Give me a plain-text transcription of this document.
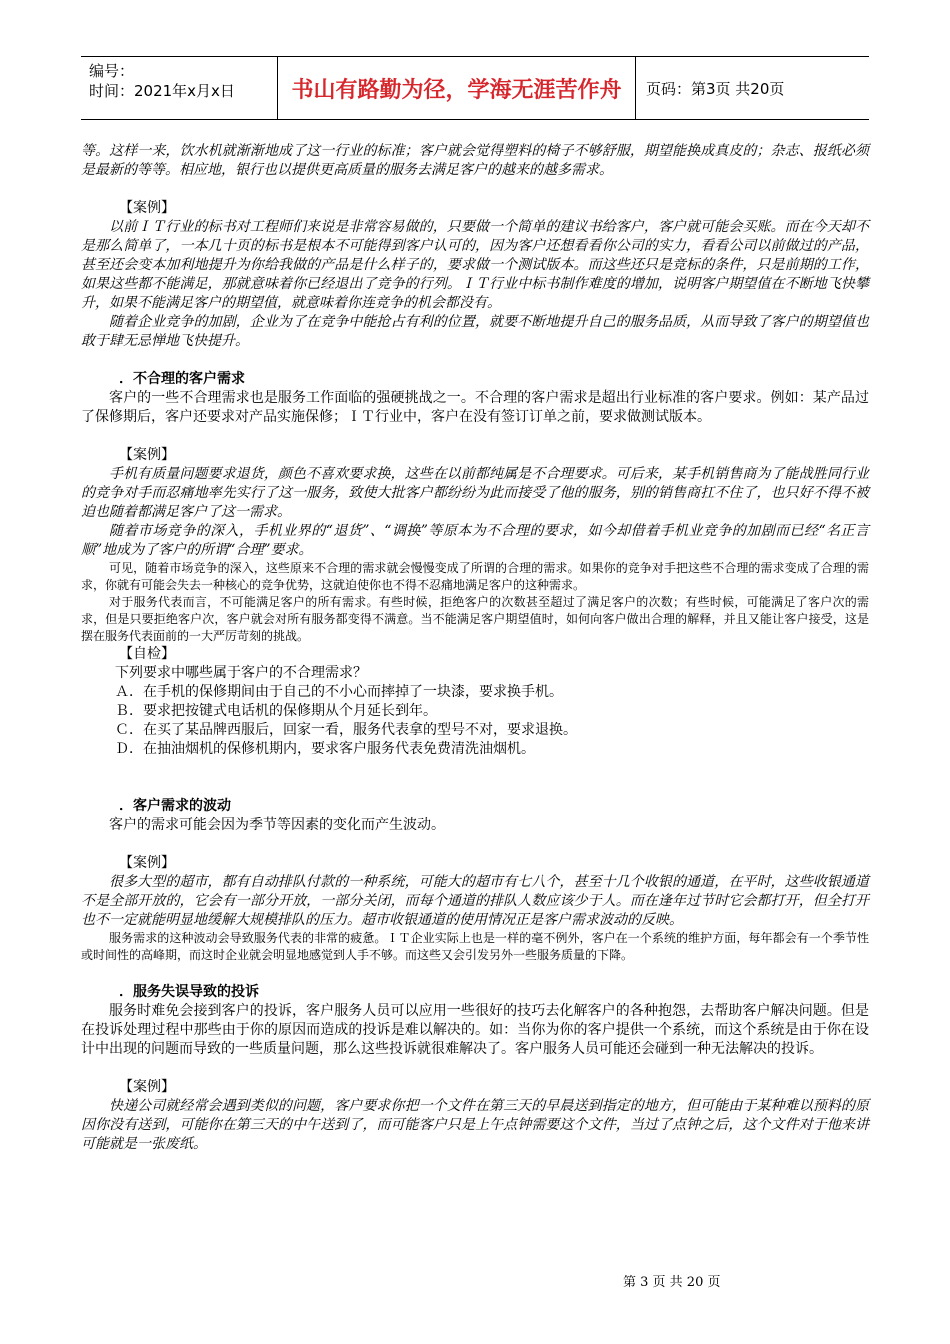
编号：
时间：2021年x月x日	书山有路勤为径，学海无涯苦作舟	页码：第3页 共20页

等。这样一来，饮水机就渐渐地成了这一行业的标准；客户就会觉得塑料的椅子不够舒服，期望能换成真皮的；杂志、报纸必须是最新的等等。相应地，银行也以提供更高质量的服务去满足客户的越来的越多需求。

【案例】

以前ＩＴ行业的标书对工程师们来说是非常容易做的，只要做一个简单的建议书给客户，客户就可能会买账。而在今天却不是那么简单了，一本几十页的标书是根本不可能得到客户认可的，因为客户还想看看你公司的实力，看看公司以前做过的产品，甚至还会变本加利地提升为你给我做的产品是什么样子的，要求做一个测试版本。而这些还只是竞标的条件，只是前期的工作，如果这些都不能满足，那就意味着你已经退出了竞争的行列。ＩＴ行业中标书制作难度的增加，说明客户期望值在不断地飞快攀升，如果不能满足客户的期望值，就意味着你连竞争的机会都没有。

随着企业竞争的加剧，企业为了在竞争中能抢占有利的位置，就要不断地提升自己的服务品质，从而导致了客户的期望值也敢于肆无忌惮地飞快提升。

．不合理的客户需求

客户的一些不合理需求也是服务工作面临的强硬挑战之一。不合理的客户需求是超出行业标准的客户要求。例如：某产品过了保修期后，客户还要求对产品实施保修；ＩＴ行业中，客户在没有签订订单之前，要求做测试版本。

【案例】

手机有质量问题要求退货，颜色不喜欢要求换，这些在以前都纯属是不合理要求。可后来，某手机销售商为了能战胜同行业的竞争对手而忍痛地率先实行了这一服务，致使大批客户都纷纷为此而接受了他的服务，别的销售商扛不住了，也只好不得不被迫也随着都满足客户了这一需求。

随着市场竞争的深入，手机业界的“退货”、“调换”等原本为不合理的要求，如今却借着手机业竞争的加剧而已经“名正言顺”地成为了客户的所谓“合理”要求。

可见，随着市场竞争的深入，这些原来不合理的需求就会慢慢变成了所谓的合理的需求。如果你的竞争对手把这些不合理的需求变成了合理的需求，你就有可能会失去一种核心的竞争优势，这就迫使你也不得不忍痛地满足客户的这种需求。

对于服务代表而言，不可能满足客户的所有需求。有些时候，拒绝客户的次数甚至超过了满足客户的次数；有些时候，可能满足了客户次的需求，但是只要拒绝客户次，客户就会对所有服务都变得不满意。当不能满足客户期望值时，如何向客户做出合理的解释，并且又能让客户接受，这是摆在服务代表面前的一大严厉苛刻的挑战。

【自检】

下列要求中哪些属于客户的不合理需求？

Ａ．在手机的保修期间由于自己的不小心而摔掉了一块漆，要求换手机。

Ｂ．要求把按键式电话机的保修期从个月延长到年。

Ｃ．在买了某品牌西服后，回家一看，服务代表拿的型号不对，要求退换。

Ｄ．在抽油烟机的保修机期内，要求客户服务代表免费清洗油烟机。

．客户需求的波动

客户的需求可能会因为季节等因素的变化而产生波动。

【案例】

很多大型的超市，都有自动排队付款的一种系统，可能大的超市有七八个，甚至十几个收银的通道，在平时，这些收银通道不是全部开放的，它会有一部分开放，一部分关闭，而每个通道的排队人数应该少于人。而在逢年过节时它会都打开，但全打开也不一定就能明显地缓解大规模排队的压力。超市收银通道的使用情况正是客户需求波动的反映。

服务需求的这种波动会导致服务代表的非常的疲惫。ＩＴ企业实际上也是一样的毫不例外，客户在一个系统的维护方面，每年都会有一个季节性或时间性的高峰期，而这时企业就会明显地感觉到人手不够。而这些又会引发另外一些服务质量的下降。

．服务失误导致的投诉

服务时难免会接到客户的投诉，客户服务人员可以应用一些很好的技巧去化解客户的各种抱怨，去帮助客户解决问题。但是在投诉处理过程中那些由于你的原因而造成的投诉是难以解决的。如：当你为你的客户提供一个系统，而这个系统是由于你在设计中出现的问题而导致的一些质量问题，那么这些投诉就很难解决了。客户服务人员可能还会碰到一种无法解决的投诉。

【案例】

快递公司就经常会遇到类似的问题，客户要求你把一个文件在第三天的早晨送到指定的地方，但可能由于某种难以预料的原因你没有送到，可能你在第三天的中午送到了，而可能客户只是上午点钟需要这个文件，当过了点钟之后，这个文件对于他来讲可能就是一张废纸。

第 3 页 共 20 页
